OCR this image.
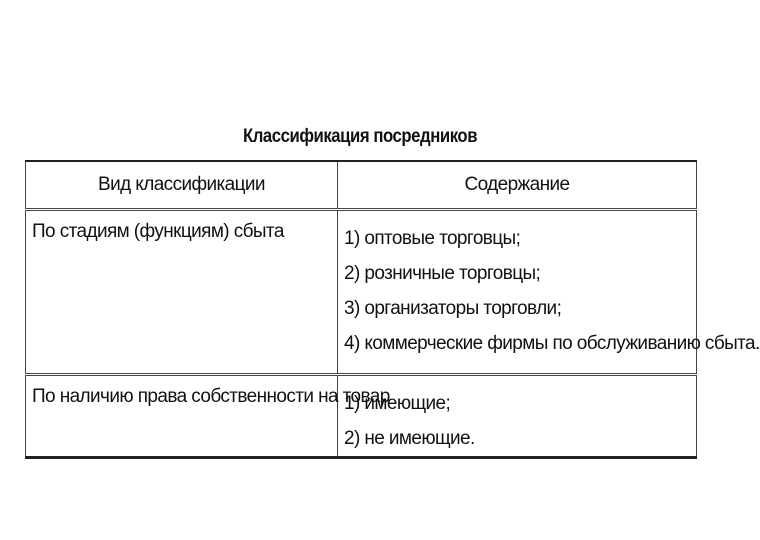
Классификация посредников
Вид классификации	Содержание
По стадиям (функциям) сбыта	1) оптовые торговцы;
2) розничные торговцы;
3) организаторы торговли;
4) коммерческие фирмы по обслуживанию сбыта.

По наличию права собственности на товар	1) имеющие;
2) не имеющие.
